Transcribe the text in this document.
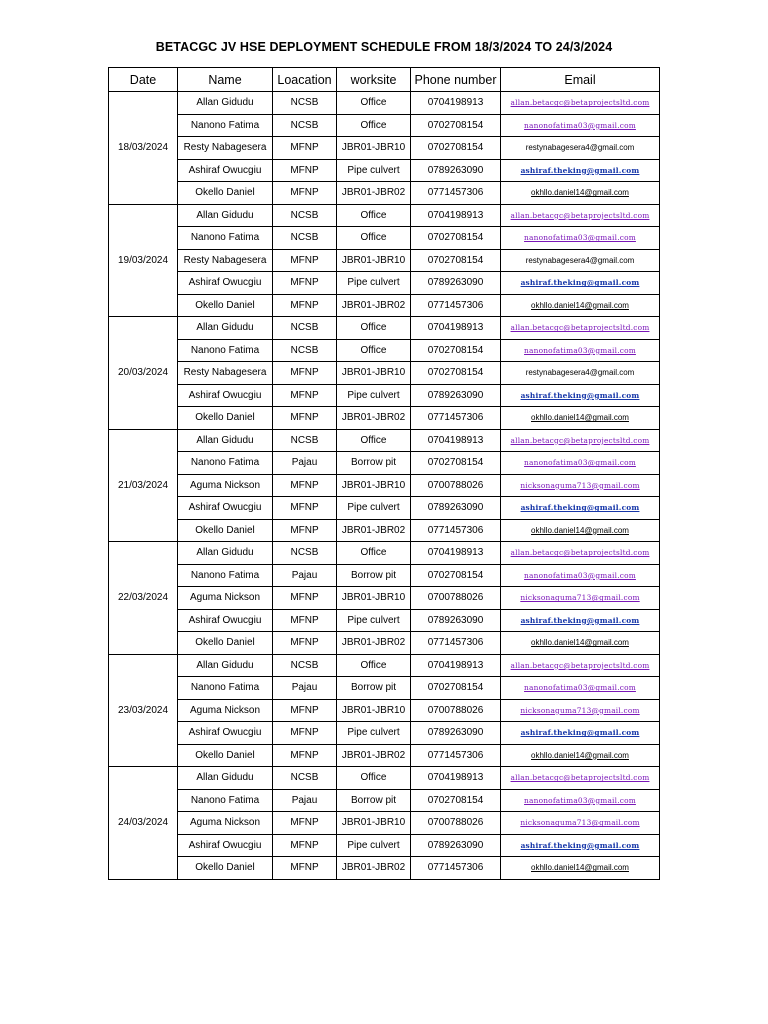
BETACGC JV HSE DEPLOYMENT SCHEDULE FROM 18/3/2024 TO 24/3/2024
Date	Name	Loacation	worksite	Phone number	Email
18/03/2024	Allan Gidudu	NCSB	Office	0704198913	allan.betacgc@betaprojectsltd.com
	Nanono Fatima	NCSB	Office	0702708154	nanonofatima03@gmail.com
	Resty Nabagesera	MFNP	JBR01-JBR10	0702708154	restynabagesera4@gmail.com
	Ashiraf Owucgiu	MFNP	Pipe culvert	0789263090	ashiraf.theking@gmail.com
	Okello Daniel	MFNP	JBR01-JBR02	0771457306	okhllo.daniel14@gmail.com
19/03/2024	Allan Gidudu	NCSB	Office	0704198913	allan.betacgc@betaprojectsltd.com
	Nanono Fatima	NCSB	Office	0702708154	nanonofatima03@gmail.com
	Resty Nabagesera	MFNP	JBR01-JBR10	0702708154	restynabagesera4@gmail.com
	Ashiraf Owucgiu	MFNP	Pipe culvert	0789263090	ashiraf.theking@gmail.com
	Okello Daniel	MFNP	JBR01-JBR02	0771457306	okhllo.daniel14@gmail.com
20/03/2024	Allan Gidudu	NCSB	Office	0704198913	allan.betacgc@betaprojectsltd.com
	Nanono Fatima	NCSB	Office	0702708154	nanonofatima03@gmail.com
	Resty Nabagesera	MFNP	JBR01-JBR10	0702708154	restynabagesera4@gmail.com
	Ashiraf Owucgiu	MFNP	Pipe culvert	0789263090	ashiraf.theking@gmail.com
	Okello Daniel	MFNP	JBR01-JBR02	0771457306	okhllo.daniel14@gmail.com
21/03/2024	Allan Gidudu	NCSB	Office	0704198913	allan.betacgc@betaprojectsltd.com
	Nanono Fatima	Pajau	Borrow pit	0702708154	nanonofatima03@gmail.com
	Aguma Nickson	MFNP	JBR01-JBR10	0700788026	nicksonaguma713@gmail.com
	Ashiraf Owucgiu	MFNP	Pipe culvert	0789263090	ashiraf.theking@gmail.com
	Okello Daniel	MFNP	JBR01-JBR02	0771457306	okhllo.daniel14@gmail.com
22/03/2024	Allan Gidudu	NCSB	Office	0704198913	allan.betacgc@betaprojectsltd.com
	Nanono Fatima	Pajau	Borrow pit	0702708154	nanonofatima03@gmail.com
	Aguma Nickson	MFNP	JBR01-JBR10	0700788026	nicksonaguma713@gmail.com
	Ashiraf Owucgiu	MFNP	Pipe culvert	0789263090	ashiraf.theking@gmail.com
	Okello Daniel	MFNP	JBR01-JBR02	0771457306	okhllo.daniel14@gmail.com
23/03/2024	Allan Gidudu	NCSB	Office	0704198913	allan.betacgc@betaprojectsltd.com
	Nanono Fatima	Pajau	Borrow pit	0702708154	nanonofatima03@gmail.com
	Aguma Nickson	MFNP	JBR01-JBR10	0700788026	nicksonaguma713@gmail.com
	Ashiraf Owucgiu	MFNP	Pipe culvert	0789263090	ashiraf.theking@gmail.com
	Okello Daniel	MFNP	JBR01-JBR02	0771457306	okhllo.daniel14@gmail.com
24/03/2024	Allan Gidudu	NCSB	Office	0704198913	allan.betacgc@betaprojectsltd.com
	Nanono Fatima	Pajau	Borrow pit	0702708154	nanonofatima03@gmail.com
	Aguma Nickson	MFNP	JBR01-JBR10	0700788026	nicksonaguma713@gmail.com
	Ashiraf Owucgiu	MFNP	Pipe culvert	0789263090	ashiraf.theking@gmail.com
	Okello Daniel	MFNP	JBR01-JBR02	0771457306	okhllo.daniel14@gmail.com
